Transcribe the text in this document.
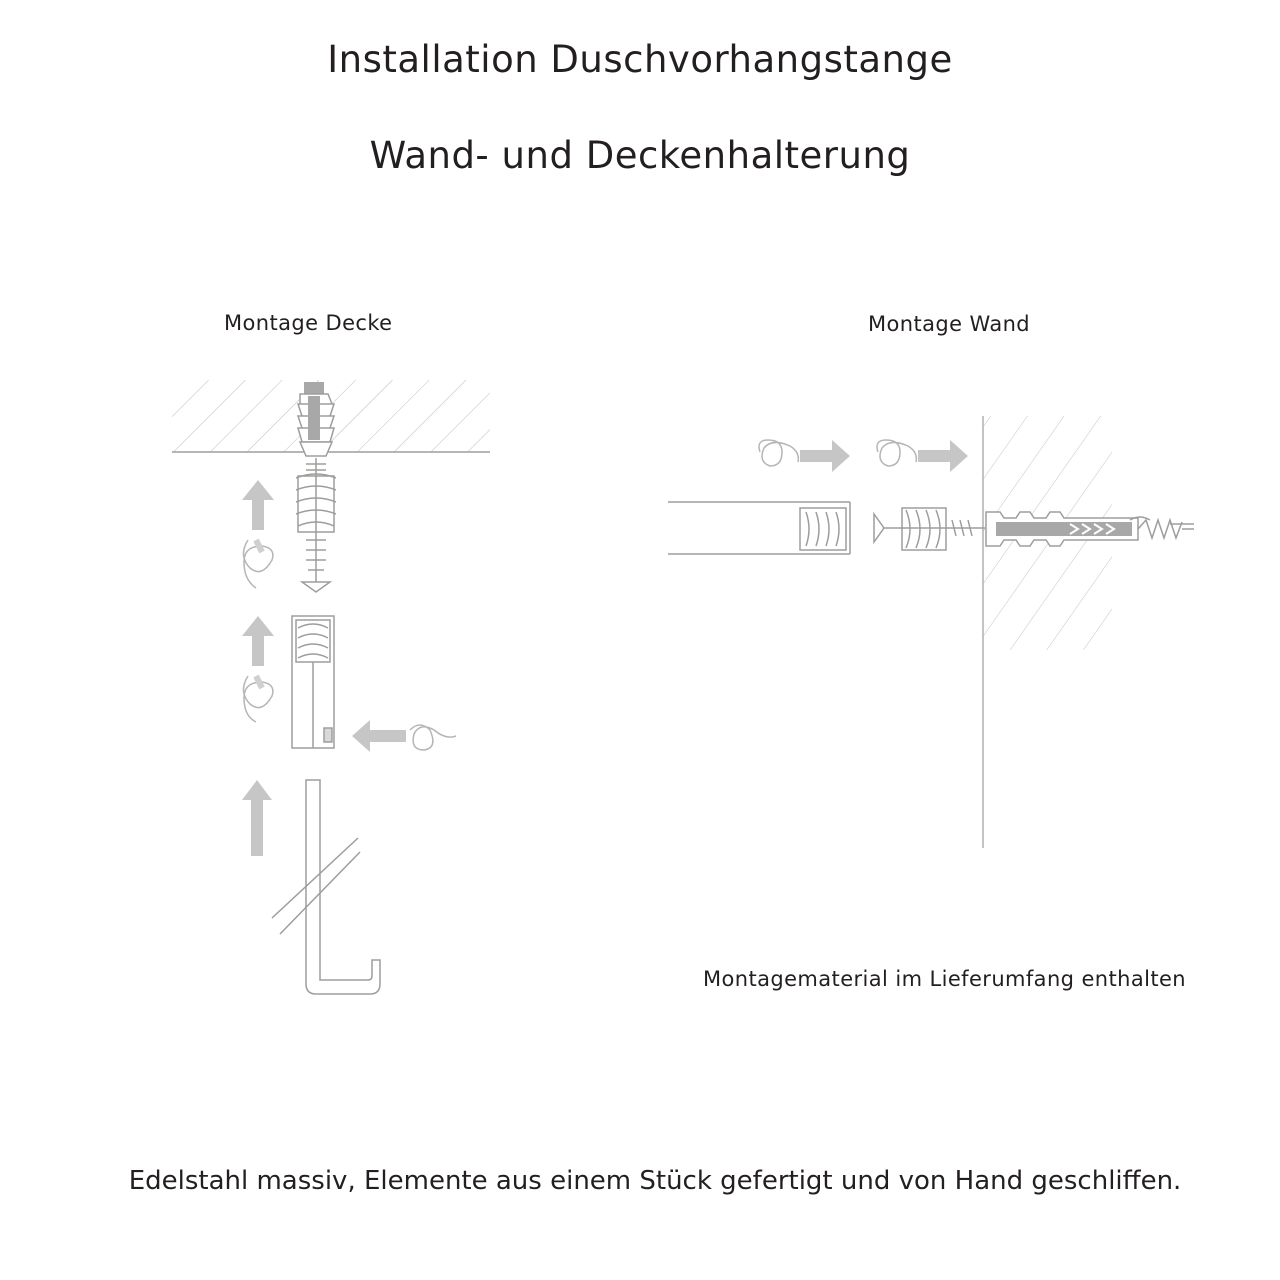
Installation Duschvorhangstange
Wand- und Deckenhalterung
Montage Decke	Montage Wand
Montagematerial im Lieferumfang enthalten
Edelstahl massiv, Elemente aus einem Stück gefertigt und von Hand geschliffen.
